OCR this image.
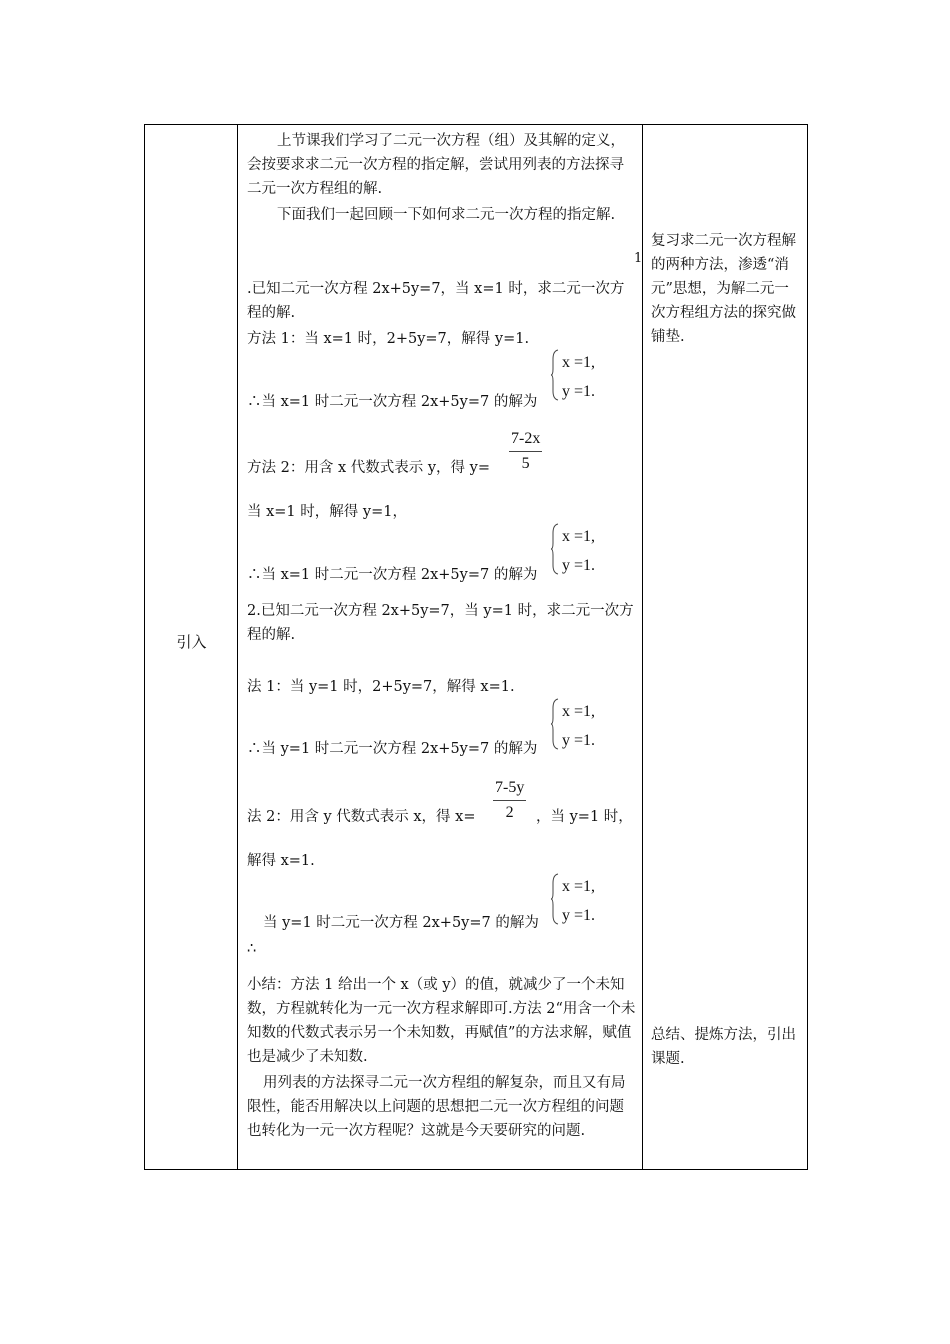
引入
1
上节课我们学习了二元一次方程（组）及其解的定义，会按要求求二元一次方程的指定解，尝试用列表的方法探寻二元一次方程组的解.
下面我们一起回顾一下如何求二元一次方程的指定解.
.已知二元一次方程 2x+5y=7，当 x=1 时，求二元一次方程的解.
方法 1：当 x=1 时，2+5y=7，解得 y=1.
∴当 x=1 时二元一次方程 2x+5y=7 的解为
x =1,
y =1.
方法 2：用含 x 代数式表示 y，得 y=	$\frac{7-2x}{5}$
当 x=1 时，解得 y=1，
∴当 x=1 时二元一次方程 2x+5y=7 的解为
x =1,
y =1.
2.已知二元一次方程 2x+5y=7，当 y=1 时，求二元一次方程的解.
法 1：当 y=1 时，2+5y=7，解得 x=1.
∴当 y=1 时二元一次方程 2x+5y=7 的解为
x =1,
y =1.
法 2：用含 y 代数式表示 x，得 x=	$\frac{7-5y}{2}$ ，当 y=1 时，
解得 x=1.
当 y=1 时二元一次方程 2x+5y=7 的解为
∴
x =1,
y =1.
小结：方法 1 给出一个 x（或 y）的值，就减少了一个未知数，方程就转化为一元一次方程求解即可.方法 2“用含一个未知数的代数式表示另一个未知数，再赋值”的方法求解，赋值也是减少了未知数.
用列表的方法探寻二元一次方程组的解复杂，而且又有局限性，能否用解决以上问题的思想把二元一次方程组的问题也转化为一元一次方程呢？这就是今天要研究的问题.
复习求二元一次方程解的两种方法，渗透“消元”思想，为解二元一次方程组方法的探究做铺垫.
总结、提炼方法，引出课题.
